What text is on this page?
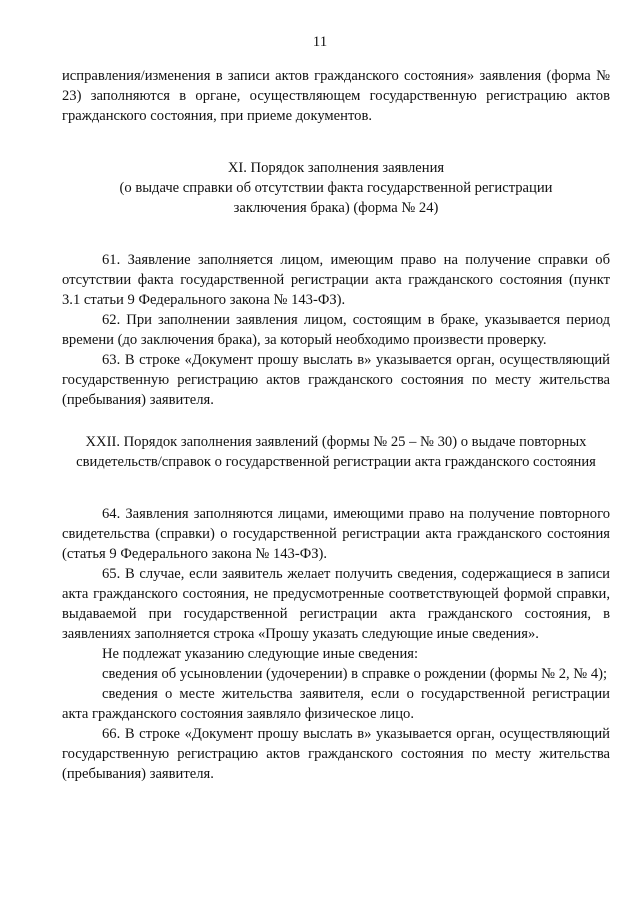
11

исправления/изменения в записи актов гражданского состояния» заявления (форма № 23) заполняются в органе, осуществляющем государственную регистрацию актов гражданского состояния, при приеме документов.

XI. Порядок заполнения заявления
(о выдаче справки об отсутствии факта государственной регистрации
заключения брака) (форма № 24)

61. Заявление заполняется лицом, имеющим право на получение справки об отсутствии факта государственной регистрации акта гражданского состояния (пункт 3.1 статьи 9 Федерального закона № 143-ФЗ).

62. При заполнении заявления лицом, состоящим в браке, указывается период времени (до заключения брака), за который необходимо произвести проверку.

63. В строке «Документ прошу выслать в» указывается орган, осуществляющий государственную регистрацию актов гражданского состояния по месту жительства (пребывания) заявителя.

XXII. Порядок заполнения заявлений (формы № 25 – № 30) о выдаче повторных
свидетельств/справок о государственной регистрации акта гражданского состояния

64. Заявления заполняются лицами, имеющими право на получение повторного свидетельства (справки) о государственной регистрации акта гражданского состояния (статья 9 Федерального закона № 143-ФЗ).

65. В случае, если заявитель желает получить сведения, содержащиеся в записи акта гражданского состояния, не предусмотренные соответствующей формой справки, выдаваемой при государственной регистрации акта гражданского состояния, в заявлениях заполняется строка «Прошу указать следующие иные сведения».

Не подлежат указанию следующие иные сведения:

сведения об усыновлении (удочерении) в справке о рождении (формы № 2, № 4);

сведения о месте жительства заявителя, если о государственной регистрации акта гражданского состояния заявляло физическое лицо.

66. В строке «Документ прошу выслать в» указывается орган, осуществляющий государственную регистрацию актов гражданского состояния по месту жительства (пребывания) заявителя.
